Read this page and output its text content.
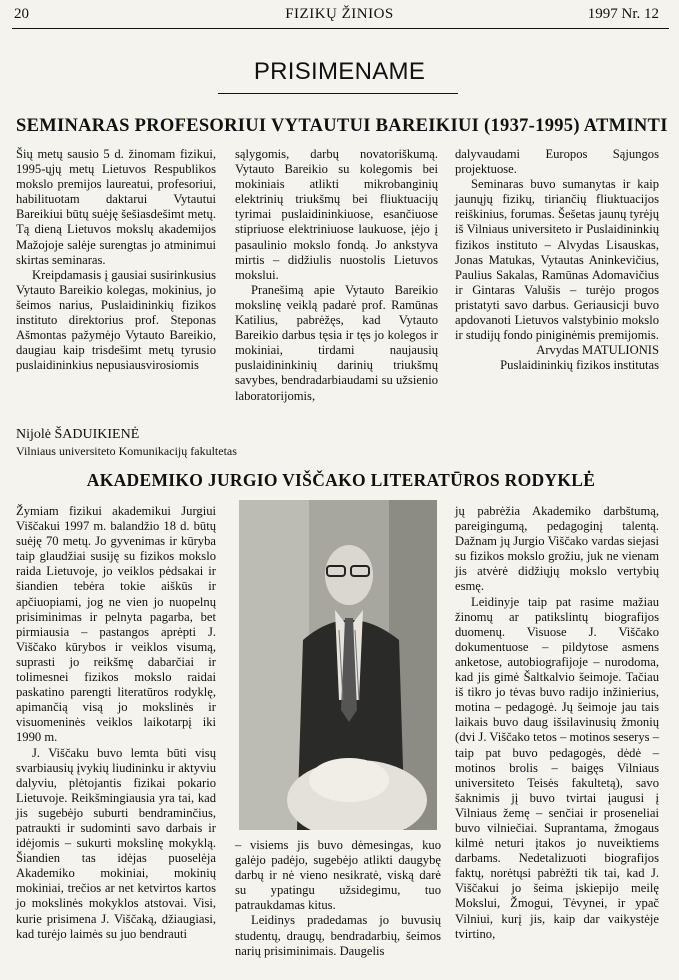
20	FIZIKŲ ŽINIOS	1997 Nr. 12
PRISIMENAME
SEMINARAS PROFESORIUI VYTAUTUI BAREIKIUI (1937-1995) ATMINTI

Šių metų sausio 5 d. žinomam fizikui, 1995-ųjų metų Lietuvos Respublikos mokslo premijos laureatui, profesoriui, habilituotam daktarui Vytautui Bareikiui būtų suėję šešiasdešimt metų. Tą dieną Lietuvos mokslų akademijos Mažojoje salėje surengtas jo atminimui skirtas seminaras.

Kreipdamasis į gausiai susirinkusius Vytauto Bareikio kolegas, mokinius, jo šeimos narius, Puslaidininkių fizikos instituto direktorius prof. Steponas Ašmontas pažymėjo Vytauto Bareikio, daugiau kaip trisdešimt metų tyrusio puslaidininkius nepusiausvirosiomis

sąlygomis, darbų novatoriškumą. Vytauto Bareikio su kolegomis bei mokiniais atlikti mikrobanginių elektrinių triukšmų bei fliuktuacijų tyrimai puslaidininkiuose, esančiuose stipriuose elektriniuose laukuose, įėjo į pasaulinio mokslo fondą. Jo ankstyva mirtis – didžiulis nuostolis Lietuvos mokslui.

Pranešimą apie Vytauto Bareikio mokslinę veiklą padarė prof. Ramūnas Katilius, pabrėžęs, kad Vytauto Bareikio darbus tęsia ir tęs jo kolegos ir mokiniai, tirdami naujausių puslaidininkinių darinių triukšmų savybes, bendradarbiaudami su užsienio laboratorijomis,

dalyvaudami Europos Sąjungos projektuose.

Seminaras buvo sumanytas ir kaip jaunųjų fizikų, tiriančių fliuktuacijos reiškinius, forumas. Šešetas jaunų tyrėjų iš Vilniaus universiteto ir Puslaidininkių fizikos instituto – Alvydas Lisauskas, Jonas Matukas, Vytautas Aninkevičius, Paulius Sakalas, Ramūnas Adomavičius ir Gintaras Valušis – turėjo progos pristatyti savo darbus. Geriausicji buvo apdovanoti Lietuvos valstybinio mokslo ir studijų fondo piniginėmis premijomis.

Arvydas MATULIONIS

Puslaidininkių fizikos institutas

Nijolė ŠADUIKIENĖ
Vilniaus universiteto Komunikacijų fakultetas
AKADEMIKO JURGIO VIŠČAKO LITERATŪROS RODYKLĖ

Žymiam fizikui akademikui Jurgiui Viščakui 1997 m. balandžio 18 d. būtų suėję 70 metų. Jo gyvenimas ir kūryba taip glaudžiai susiję su fizikos mokslo raida Lietuvoje, jo veiklos pėdsakai ir šiandien tebėra tokie aiškūs ir apčiuopiami, jog ne vien jo nuopelnų prisiminimas ir pelnyta pagarba, bet pirmiausia – pastangos aprėpti J. Viščako kūrybos ir veiklos visumą, suprasti jo reikšmę dabarčiai ir tolimesnei fizikos mokslo raidai paskatino parengti literatūros rodyklę, apimančią visą jo mokslinės ir visuomeninės veiklos laikotarpį iki 1990 m.

J. Viščaku buvo lemta būti visų svarbiausių įvykių liudininku ir aktyviu dalyviu, plėtojantis fizikai pokario Lietuvoje. Reikšmingiausia yra tai, kad jis sugebėjo suburti bendraminčius, patraukti ir sudominti savo darbais ir idėjomis – sukurti mokslinę mokyklą. Šiandien tas idėjas puoselėja Akademiko mokiniai, mokinių mokiniai, trečios ar net ketvirtos kartos jo mokslinės mokyklos atstovai. Visi, kurie prisimena J. Viščaką, džiaugiasi, kad turėjo laimės su juo bendrauti

– visiems jis buvo dėmesingas, kuo galėjo padėjo, sugebėjo atlikti daugybę darbų ir nė vieno nesikratė, viską darė su ypatingu užsidegimu, tuo patraukdamas kitus.

Leidinys pradedamas jo buvusių studentų, draugų, bendradarbių, šeimos narių prisiminimais. Daugelis

jų pabrėžia Akademiko darbštumą, pareigingumą, pedagoginį talentą. Dažnam jų Jurgio Viščako vardas siejasi su fizikos mokslo grožiu, juk ne vienam jis atvėrė didžiųjų mokslo vertybių esmę.

Leidinyje taip pat rasime mažiau žinomų ar patikslintų biografijos duomenų. Visuose J. Viščako dokumentuose – pildytose asmens anketose, autobiografijoje – nurodoma, kad jis gimė Šaltkalvio šeimoje. Tačiau iš tikro jo tėvas buvo radijo inžinierius, motina – pedagogė. Jų šeimoje jau tais laikais buvo daug išsilavinusių žmonių (dvi J. Viščako tetos – motinos seserys – taip pat buvo pedagogės, dėdė – motinos brolis – baigęs Vilniaus universiteto Teisės fakultetą), savo šaknimis jį buvo tvirtai įaugusi į Vilniaus žemę – senčiai ir proseneliai buvo vilniečiai. Suprantama, žmogaus kilmė neturi įtakos jo nuveiktiems darbams. Nedetalizuoti biografijos faktų, norėtųsi pabrėžti tik tai, kad J. Viščakui jo šeima įskiepijo meilę Mokslui, Žmogui, Tėvynei, ir ypač Vilniui, kurį jis, kaip dar vaikystėje tvirtino,
